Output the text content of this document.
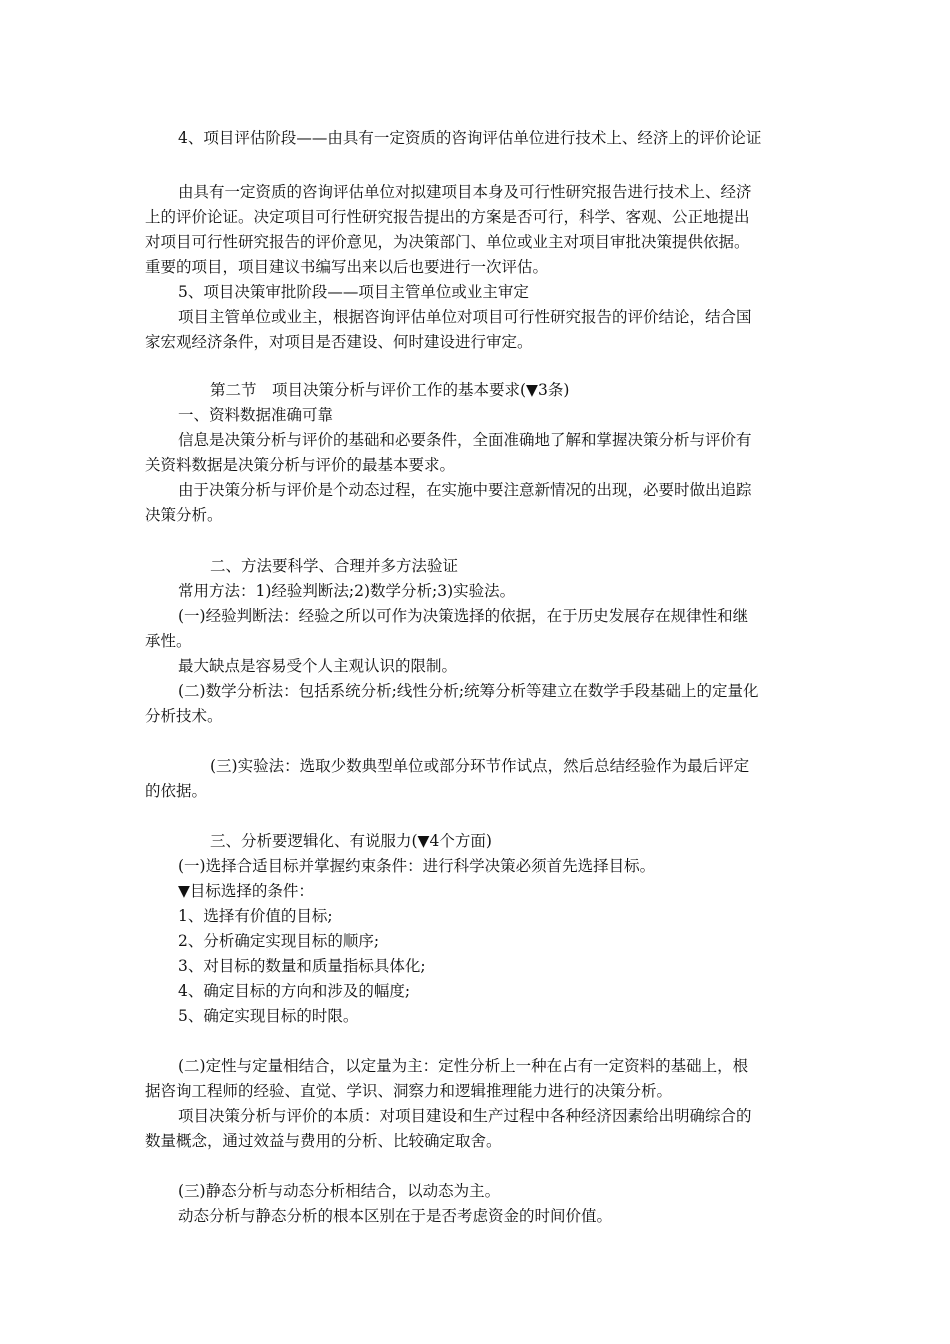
4、项目评估阶段——由具有一定资质的咨询评估单位进行技术上、经济上的评价论证
由具有一定资质的咨询评估单位对拟建项目本身及可行性研究报告进行技术上、经济
上的评价论证。决定项目可行性研究报告提出的方案是否可行，科学、客观、公正地提出
对项目可行性研究报告的评价意见，为决策部门、单位或业主对项目审批决策提供依据。
重要的项目，项目建议书编写出来以后也要进行一次评估。
5、项目决策审批阶段——项目主管单位或业主审定
项目主管单位或业主，根据咨询评估单位对项目可行性研究报告的评价结论，结合国
家宏观经济条件，对项目是否建设、何时建设进行审定。
第二节　项目决策分析与评价工作的基本要求(▼3条)
一、资料数据准确可靠
信息是决策分析与评价的基础和必要条件，全面准确地了解和掌握决策分析与评价有
关资料数据是决策分析与评价的最基本要求。
由于决策分析与评价是个动态过程，在实施中要注意新情况的出现，必要时做出追踪
决策分析。
二、方法要科学、合理并多方法验证
常用方法：1)经验判断法;2)数学分析;3)实验法。
(一)经验判断法：经验之所以可作为决策选择的依据，在于历史发展存在规律性和继
承性。
最大缺点是容易受个人主观认识的限制。
(二)数学分析法：包括系统分析;线性分析;统筹分析等建立在数学手段基础上的定量化
分析技术。
(三)实验法：选取少数典型单位或部分环节作试点，然后总结经验作为最后评定
的依据。
三、分析要逻辑化、有说服力(▼4个方面)
(一)选择合适目标并掌握约束条件：进行科学决策必须首先选择目标。
▼目标选择的条件：
1、选择有价值的目标;
2、分析确定实现目标的顺序;
3、对目标的数量和质量指标具体化;
4、确定目标的方向和涉及的幅度;
5、确定实现目标的时限。
(二)定性与定量相结合，以定量为主：定性分析上一种在占有一定资料的基础上，根
据咨询工程师的经验、直觉、学识、洞察力和逻辑推理能力进行的决策分析。
项目决策分析与评价的本质：对项目建设和生产过程中各种经济因素给出明确综合的
数量概念，通过效益与费用的分析、比较确定取舍。
(三)静态分析与动态分析相结合，以动态为主。
动态分析与静态分析的根本区别在于是否考虑资金的时间价值。
